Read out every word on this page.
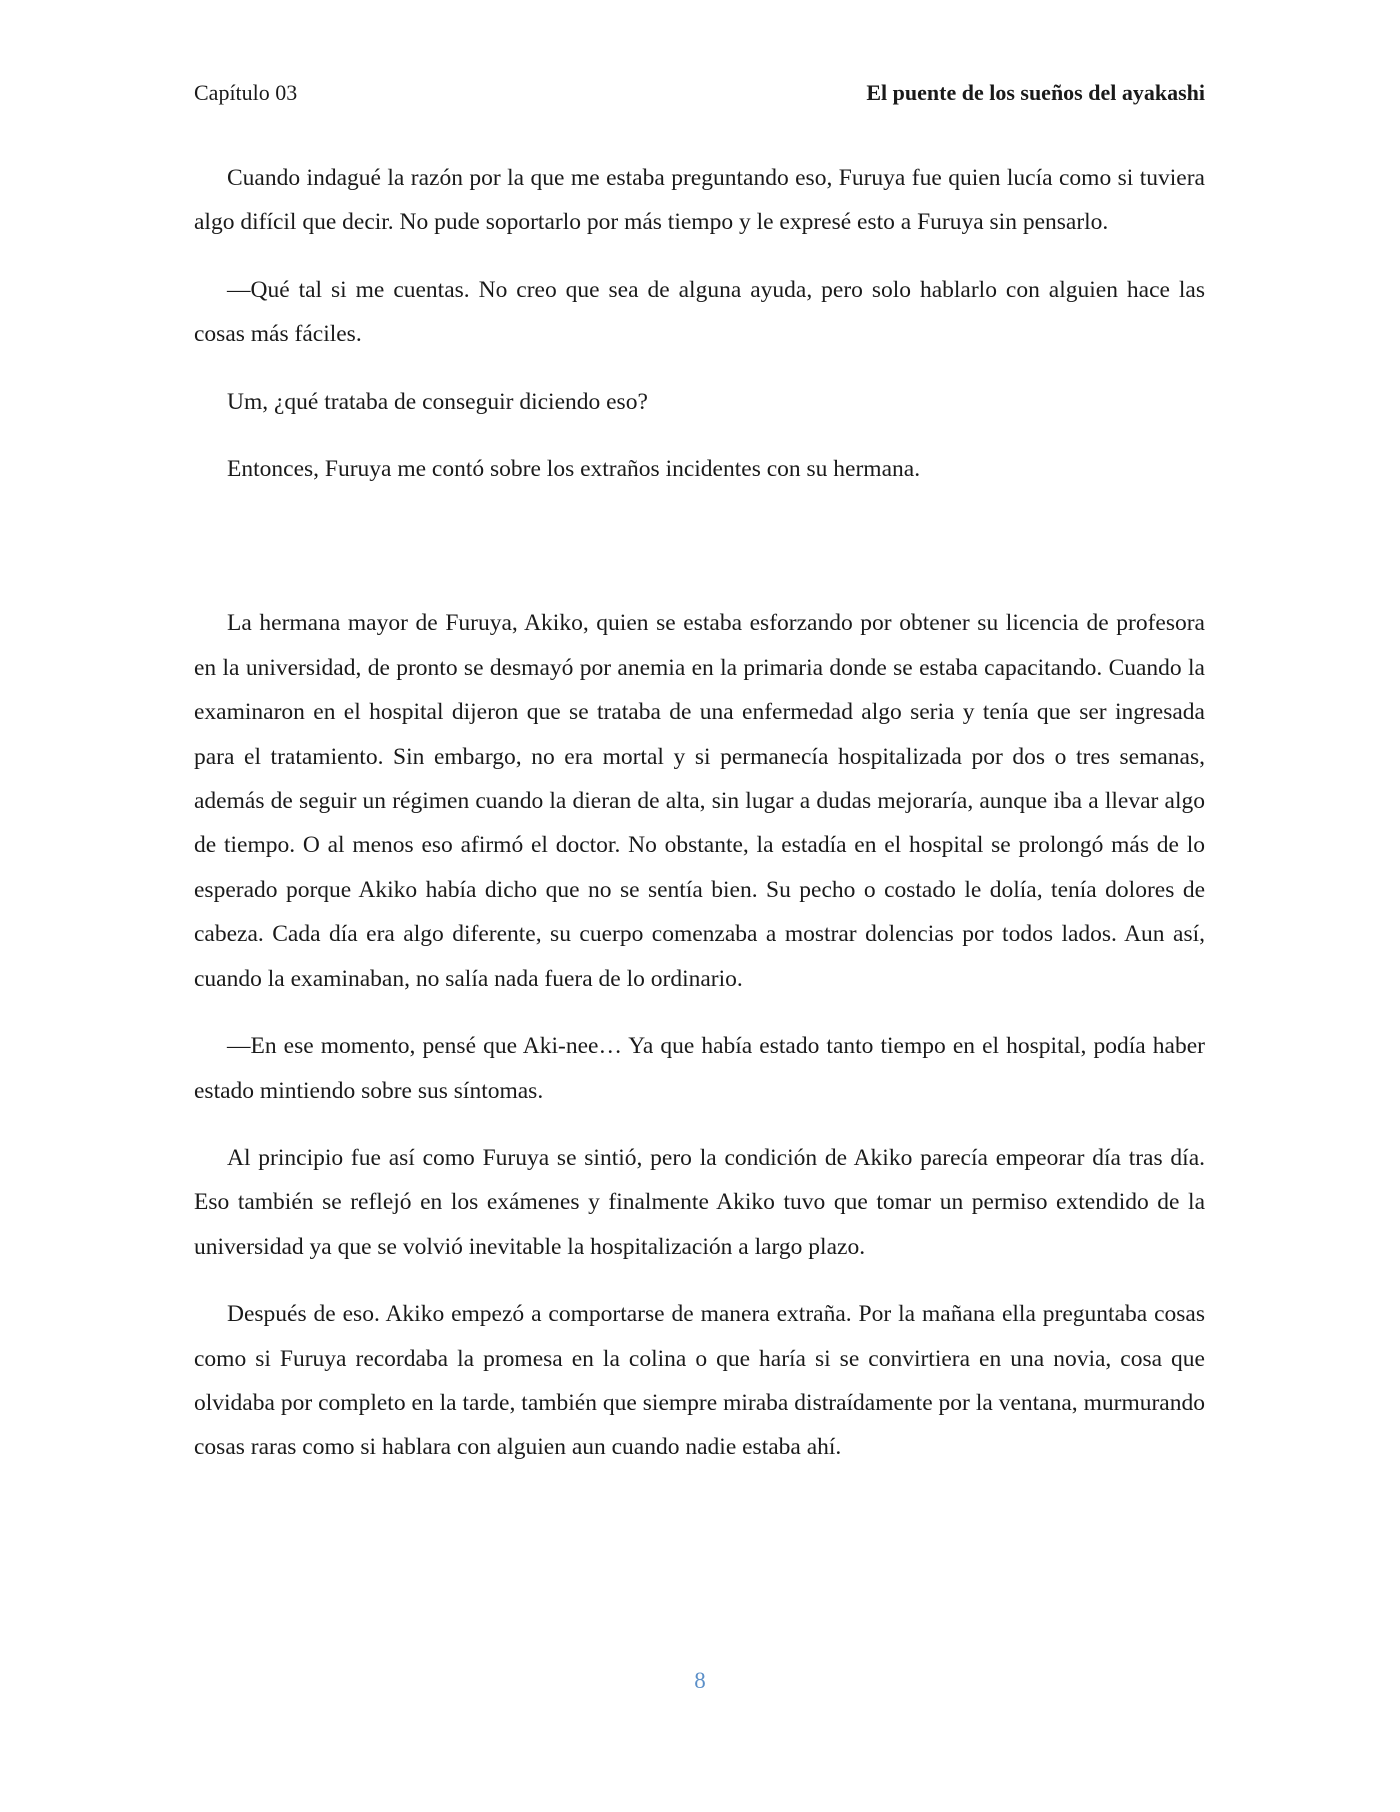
Capítulo 03	El puente de los sueños del ayakashi

Cuando indagué la razón por la que me estaba preguntando eso, Furuya fue quien lucía como si tuviera algo difícil que decir. No pude soportarlo por más tiempo y le expresé esto a Furuya sin pensarlo.

—Qué tal si me cuentas. No creo que sea de alguna ayuda, pero solo hablarlo con alguien hace las cosas más fáciles.

Um, ¿qué trataba de conseguir diciendo eso?

Entonces, Furuya me contó sobre los extraños incidentes con su hermana.

La hermana mayor de Furuya, Akiko, quien se estaba esforzando por obtener su licencia de profesora en la universidad, de pronto se desmayó por anemia en la primaria donde se estaba capacitando. Cuando la examinaron en el hospital dijeron que se trataba de una enfermedad algo seria y tenía que ser ingresada para el tratamiento. Sin embargo, no era mortal y si permanecía hospitalizada por dos o tres semanas, además de seguir un régimen cuando la dieran de alta, sin lugar a dudas mejoraría, aunque iba a llevar algo de tiempo. O al menos eso afirmó el doctor. No obstante, la estadía en el hospital se prolongó más de lo esperado porque Akiko había dicho que no se sentía bien. Su pecho o costado le dolía, tenía dolores de cabeza. Cada día era algo diferente, su cuerpo comenzaba a mostrar dolencias por todos lados. Aun así, cuando la examinaban, no salía nada fuera de lo ordinario.

—En ese momento, pensé que Aki-nee… Ya que había estado tanto tiempo en el hospital, podía haber estado mintiendo sobre sus síntomas.

Al principio fue así como Furuya se sintió, pero la condición de Akiko parecía empeorar día tras día. Eso también se reflejó en los exámenes y finalmente Akiko tuvo que tomar un permiso extendido de la universidad ya que se volvió inevitable la hospitalización a largo plazo.

Después de eso. Akiko empezó a comportarse de manera extraña. Por la mañana ella preguntaba cosas como si Furuya recordaba la promesa en la colina o que haría si se convirtiera en una novia, cosa que olvidaba por completo en la tarde, también que siempre miraba distraídamente por la ventana, murmurando cosas raras como si hablara con alguien aun cuando nadie estaba ahí.

8
